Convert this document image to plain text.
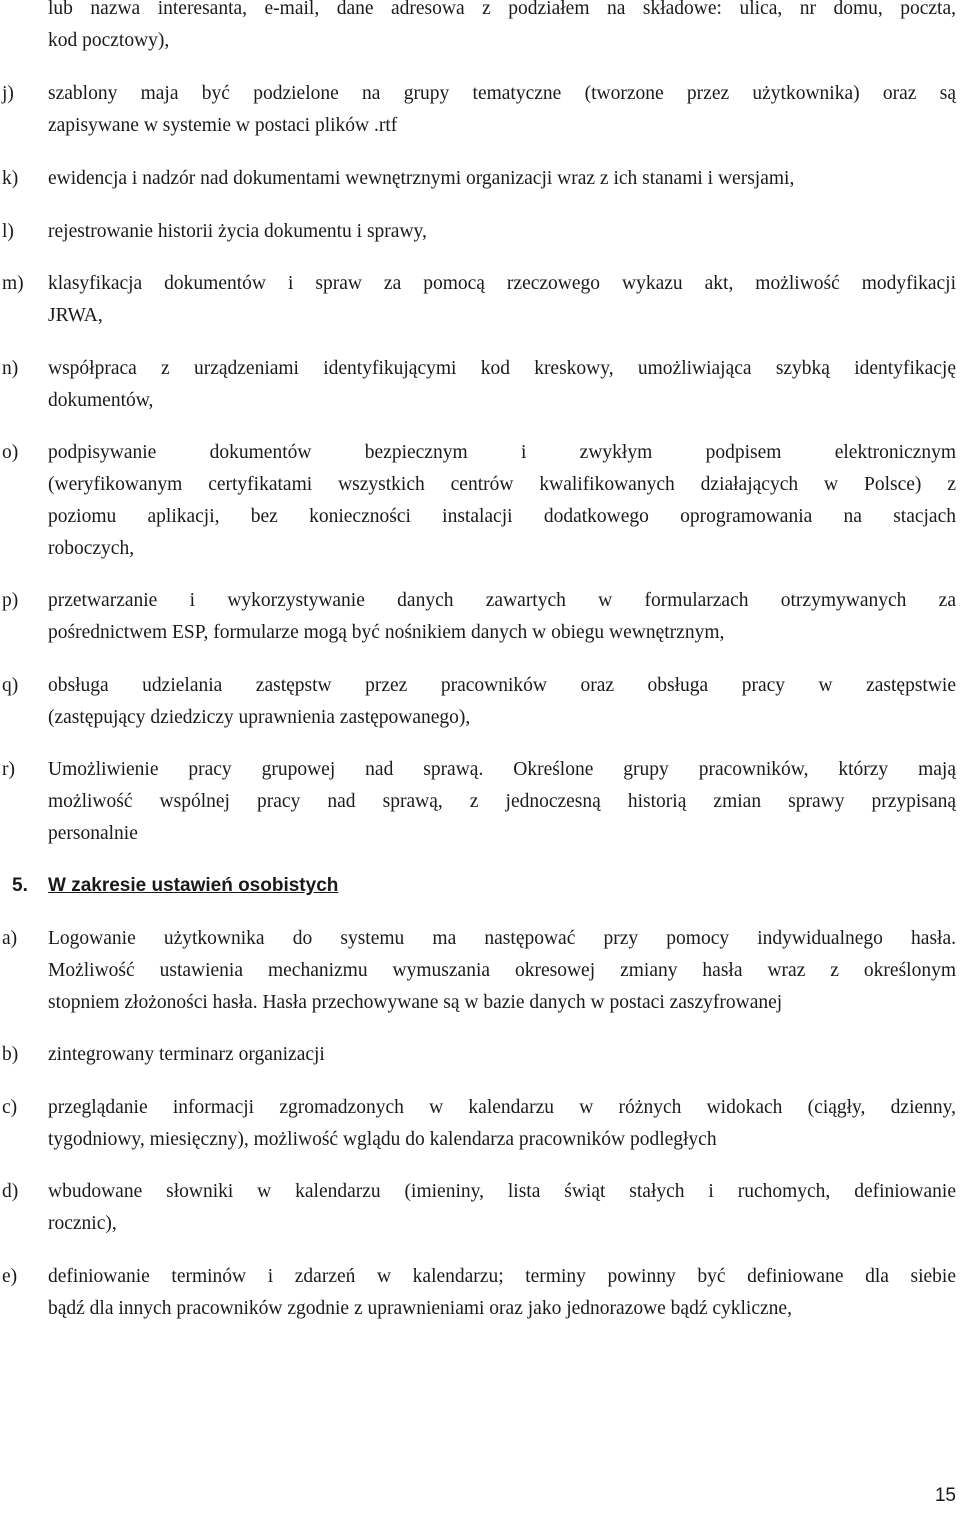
lub nazwa interesanta, e-mail, dane adresowa z podziałem na składowe: ulica, nr domu, poczta,
kod pocztowy),
j) szablony maja być podzielone na grupy tematyczne (tworzone przez użytkownika) oraz są
zapisywane w systemie w postaci plików .rtf
k) ewidencja i nadzór nad dokumentami wewnętrznymi organizacji wraz z ich stanami i wersjami,
l) rejestrowanie historii życia dokumentu i sprawy,
m) klasyfikacja dokumentów i spraw za pomocą rzeczowego wykazu akt, możliwość modyfikacji
JRWA,
n) współpraca z urządzeniami identyfikującymi kod kreskowy, umożliwiająca szybką identyfikację
dokumentów,
o) podpisywanie dokumentów bezpiecznym i zwykłym podpisem elektronicznym
(weryfikowanym certyfikatami wszystkich centrów kwalifikowanych działających w Polsce) z
poziomu aplikacji, bez konieczności instalacji dodatkowego oprogramowania na stacjach
roboczych,
p) przetwarzanie i wykorzystywanie danych zawartych w formularzach otrzymywanych za
pośrednictwem ESP, formularze mogą być nośnikiem danych w obiegu wewnętrznym,
q) obsługa udzielania zastępstw przez pracowników oraz obsługa pracy w zastępstwie
(zastępujący dziedziczy uprawnienia zastępowanego),
r) Umożliwienie pracy grupowej nad sprawą. Określone grupy pracowników, którzy mają
możliwość wspólnej pracy nad sprawą, z jednoczesną historią zmian sprawy przypisaną
personalnie
5. W zakresie ustawień osobistych
a) Logowanie użytkownika do systemu ma następować przy pomocy indywidualnego hasła.
Możliwość ustawienia mechanizmu wymuszania okresowej zmiany hasła wraz z określonym
stopniem złożoności hasła. Hasła przechowywane są w bazie danych w postaci zaszyfrowanej
b) zintegrowany terminarz organizacji
c) przeglądanie informacji zgromadzonych w kalendarzu w różnych widokach (ciągły, dzienny,
tygodniowy, miesięczny), możliwość wglądu do kalendarza pracowników podległych
d) wbudowane słowniki w kalendarzu (imieniny, lista świąt stałych i ruchomych, definiowanie
rocznic),
e) definiowanie terminów i zdarzeń w kalendarzu; terminy powinny być definiowane dla siebie
bądź dla innych pracowników zgodnie z uprawnieniami oraz jako jednorazowe bądź cykliczne,
15
